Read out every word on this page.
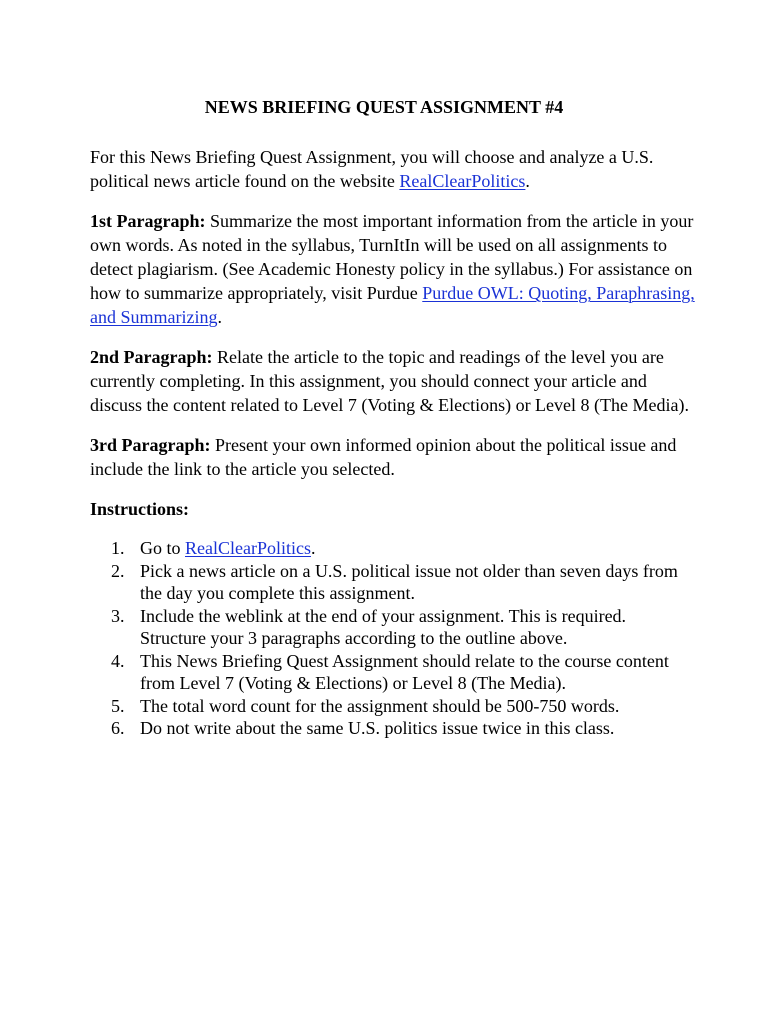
NEWS BRIEFING QUEST ASSIGNMENT #4

For this News Briefing Quest Assignment, you will choose and analyze a U.S. political news article found on the website RealClearPolitics.

1st Paragraph: Summarize the most important information from the article in your own words. As noted in the syllabus, TurnItIn will be used on all assignments to detect plagiarism. (See Academic Honesty policy in the syllabus.) For assistance on how to summarize appropriately, visit Purdue Purdue OWL: Quoting, Paraphrasing, and Summarizing.

2nd Paragraph: Relate the article to the topic and readings of the level you are currently completing. In this assignment, you should connect your article and discuss the content related to Level 7 (Voting & Elections) or Level 8 (The Media).

3rd Paragraph: Present your own informed opinion about the political issue and include the link to the article you selected.

Instructions:
1. Go to RealClearPolitics.
2. Pick a news article on a U.S. political issue not older than seven days from the day you complete this assignment.
3. Include the weblink at the end of your assignment. This is required.
Structure your 3 paragraphs according to the outline above.
4. This News Briefing Quest Assignment should relate to the course content from Level 7 (Voting & Elections) or Level 8 (The Media).
5. The total word count for the assignment should be 500-750 words.
6. Do not write about the same U.S. politics issue twice in this class.
